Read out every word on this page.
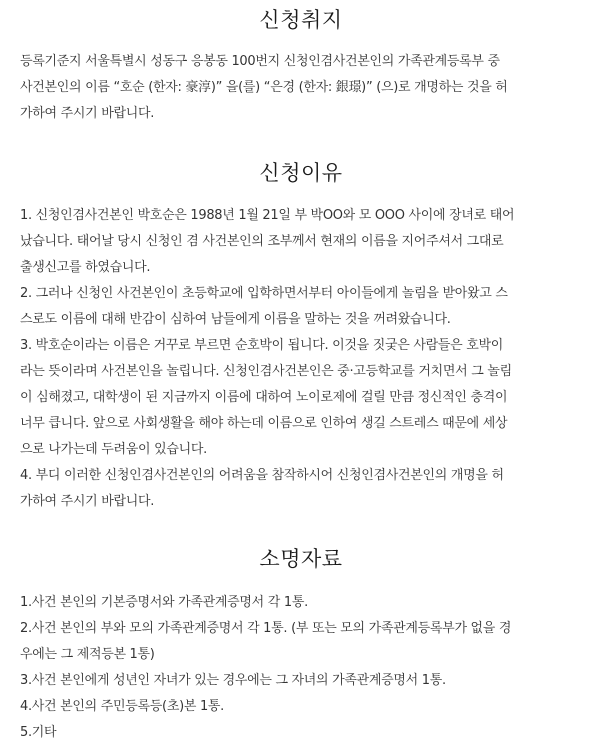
신청취지

등록기준지 서울특별시 성동구 응봉동 100번지 신청인겸사건본인의 가족관계등록부 중
사건본인의 이름 “호순 (한자: 豪淳)” 을(를) “은경 (한자: 銀璟)” (으)로 개명하는 것을 허
가하여 주시기 바랍니다.

신청이유

1. 신청인겸사건본인 박호순은 1988년 1월 21일 부 박OO와 모 OOO 사이에 장녀로 태어
났습니다. 태어날 당시 신청인 겸 사건본인의 조부께서 현재의 이름을 지어주셔서 그대로
출생신고를 하였습니다.
2. 그러나 신청인 사건본인이 초등학교에 입학하면서부터 아이들에게 놀림을 받아왔고 스
스로도 이름에 대해 반감이 심하여 남들에게 이름을 말하는 것을 꺼려왔습니다.
3. 박호순이라는 이름은 거꾸로 부르면 순호박이 됩니다. 이것을 짓궂은 사람들은 호박이
라는 뜻이라며 사건본인을 놀립니다. 신청인겸사건본인은 중·고등학교를 거치면서 그 놀림
이 심해졌고, 대학생이 된 지금까지 이름에 대하여 노이로제에 걸릴 만큼 정신적인 충격이
너무 큽니다. 앞으로 사회생활을 해야 하는데 이름으로 인하여 생길 스트레스 때문에 세상
으로 나가는데 두려움이 있습니다.
4. 부디 이러한 신청인겸사건본인의 어려움을 참작하시어 신청인겸사건본인의 개명을 허
가하여 주시기 바랍니다.

소명자료

1.사건 본인의 기본증명서와 가족관계증명서 각 1통.
2.사건 본인의 부와 모의 가족관계증명서 각 1통. (부 또는 모의 가족관계등록부가 없을 경
우에는 그 제적등본 1통)
3.사건 본인에게 성년인 자녀가 있는 경우에는 그 자녀의 가족관계증명서 1통.
4.사건 본인의 주민등록등(초)본 1통.
5.기타
